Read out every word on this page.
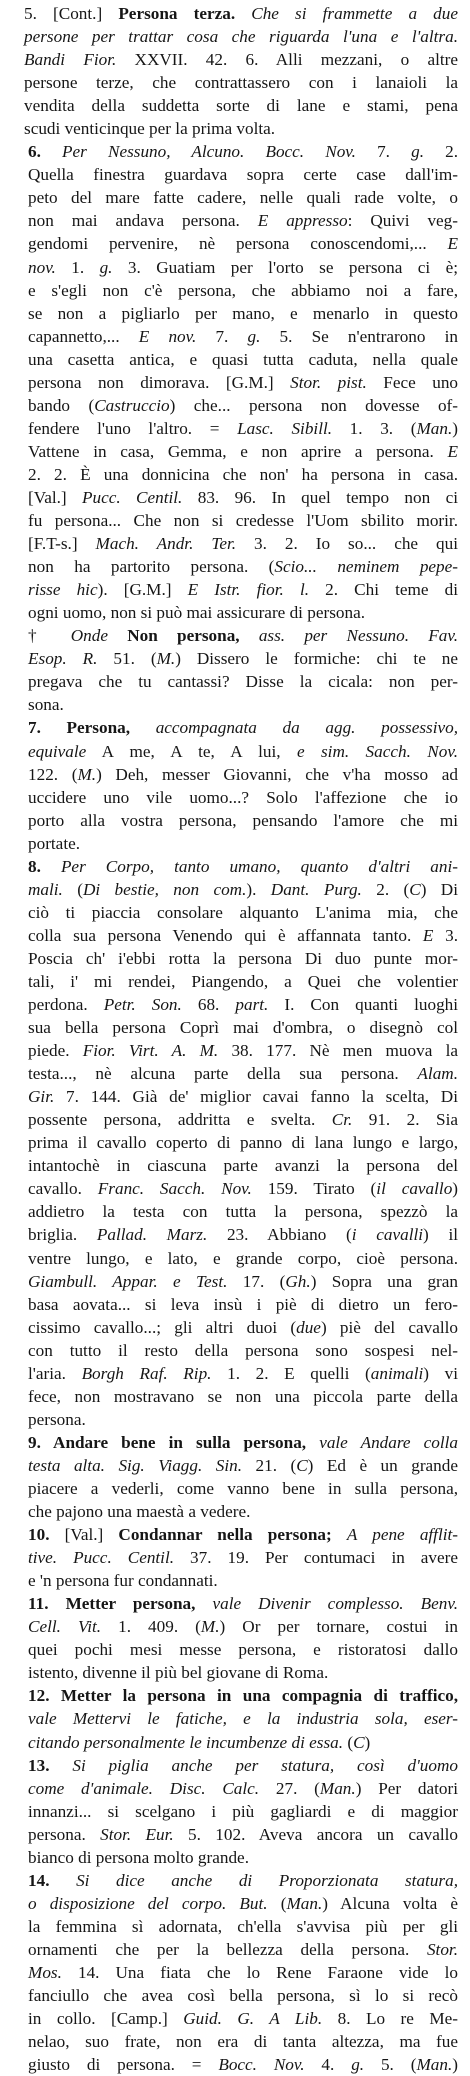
5. [Cont.] Persona terza. Che si frammette a due
persone per trattar cosa che riguarda l'una e l'altra.
Bandi Fior. XXVII. 42. 6. Alli mezzani, o altre
persone terze, che contrattassero con i lanaioli la
vendita della suddetta sorte di lane e stami, pena
scudi venticinque per la prima volta.
6. Per Nessuno, Alcuno. Bocc. Nov. 7. g. 2.
Quella finestra guardava sopra certe case dall'im-
peto del mare fatte cadere, nelle quali rade volte, o
non mai andava persona. E appresso: Quivi veg-
gendomi pervenire, nè persona conoscendomi,... E
nov. 1. g. 3. Guatiam per l'orto se persona ci è;
e s'egli non c'è persona, che abbiamo noi a fare,
se non a pigliarlo per mano, e menarlo in questo
capannetto,... E nov. 7. g. 5. Se n'entrarono in
una casetta antica, e quasi tutta caduta, nella quale
persona non dimorava. [G.M.] Stor. pist. Fece uno
bando (Castruccio) che... persona non dovesse of-
fendere l'uno l'altro. = Lasc. Sibill. 1. 3. (Man.)
Vattene in casa, Gemma, e non aprire a persona. E
2. 2. È una donnicina che non' ha persona in casa.
[Val.] Pucc. Centil. 83. 96. In quel tempo non ci
fu persona... Che non si credesse l'Uom sbilito morir.
[F.T-s.] Mach. Andr. Ter. 3. 2. Io so... che qui
non ha partorito persona. (Scio... neminem pepe-
risse hic). [G.M.] E Istr. fior. l. 2. Chi teme di
ogni uomo, non si può mai assicurare di persona.
† Onde Non persona, ass. per Nessuno. Fav.
Esop. R. 51. (M.) Dissero le formiche: chi te ne
pregava che tu cantassi? Disse la cicala: non per-
sona.
7. Persona, accompagnata da agg. possessivo,
equivale A me, A te, A lui, e sim. Sacch. Nov.
122. (M.) Deh, messer Giovanni, che v'ha mosso ad
uccidere uno vile uomo...? Solo l'affezione che io
porto alla vostra persona, pensando l'amore che mi
portate.
8. Per Corpo, tanto umano, quanto d'altri ani-
mali. (Di bestie, non com.). Dant. Purg. 2. (C) Di
ciò ti piaccia consolare alquanto L'anima mia, che
colla sua persona Venendo qui è affannata tanto. E 3.
Poscia ch' i'ebbi rotta la persona Di duo punte mor-
tali, i' mi rendei, Piangendo, a Quei che volentier
perdona. Petr. Son. 68. part. I. Con quanti luoghi
sua bella persona Coprì mai d'ombra, o disegnò col
piede. Fior. Virt. A. M. 38. 177. Nè men muova la
testa..., nè alcuna parte della sua persona. Alam.
Gir. 7. 144. Già de' miglior cavai fanno la scelta, Di
possente persona, addritta e svelta. Cr. 91. 2. Sia
prima il cavallo coperto di panno di lana lungo e largo,
intantochè in ciascuna parte avanzi la persona del
cavallo. Franc. Sacch. Nov. 159. Tirato (il cavallo)
addietro la testa con tutta la persona, spezzò la
briglia. Pallad. Marz. 23. Abbiano (i cavalli) il
ventre lungo, e lato, e grande corpo, cioè persona.
Giambull. Appar. e Test. 17. (Gh.) Sopra una gran
basa aovata... si leva insù i piè di dietro un fero-
cissimo cavallo...; gli altri duoi (due) piè del cavallo
con tutto il resto della persona sono sospesi nel-
l'aria. Borgh Raf. Rip. 1. 2. E quelli (animali) vi
fece, non mostravano se non una piccola parte della
persona.
9. Andare bene in sulla persona, vale Andare colla
testa alta. Sig. Viagg. Sin. 21. (C) Ed è un grande
piacere a vederli, come vanno bene in sulla persona,
che pajono una maestà a vedere.
10. [Val.] Condannar nella persona; A pene afflit-
tive. Pucc. Centil. 37. 19. Per contumaci in avere
e 'n persona fur condannati.
11. Metter persona, vale Divenir complesso. Benv.
Cell. Vit. 1. 409. (M.) Or per tornare, costui in
quei pochi mesi messe persona, e ristoratosi dallo
istento, divenne il più bel giovane di Roma.
12. Metter la persona in una compagnia di traffico,
vale Mettervi le fatiche, e la industria sola, eser-
citando personalmente le incumbenze di essa. (C)
13. Si piglia anche per statura, così d'uomo
come d'animale. Disc. Calc. 27. (Man.) Per datori
innanzi... si scelgano i più gagliardi e di maggior
persona. Stor. Eur. 5. 102. Aveva ancora un cavallo
bianco di persona molto grande.
14. Si dice anche di Proporzionata statura,
o disposizione del corpo. But. (Man.) Alcuna volta è
la femmina sì adornata, ch'ella s'avvisa più per gli
ornamenti che per la bellezza della persona. Stor.
Mos. 14. Una fiata che lo Rene Faraone vide lo
fanciullo che avea così bella persona, sì lo si recò
in collo. [Camp.] Guid. G. A Lib. 8. Lo re Me-
nelao, suo frate, non era di tanta altezza, ma fue
giusto di persona. = Bocc. Nov. 4. g. 5. (Man.)
